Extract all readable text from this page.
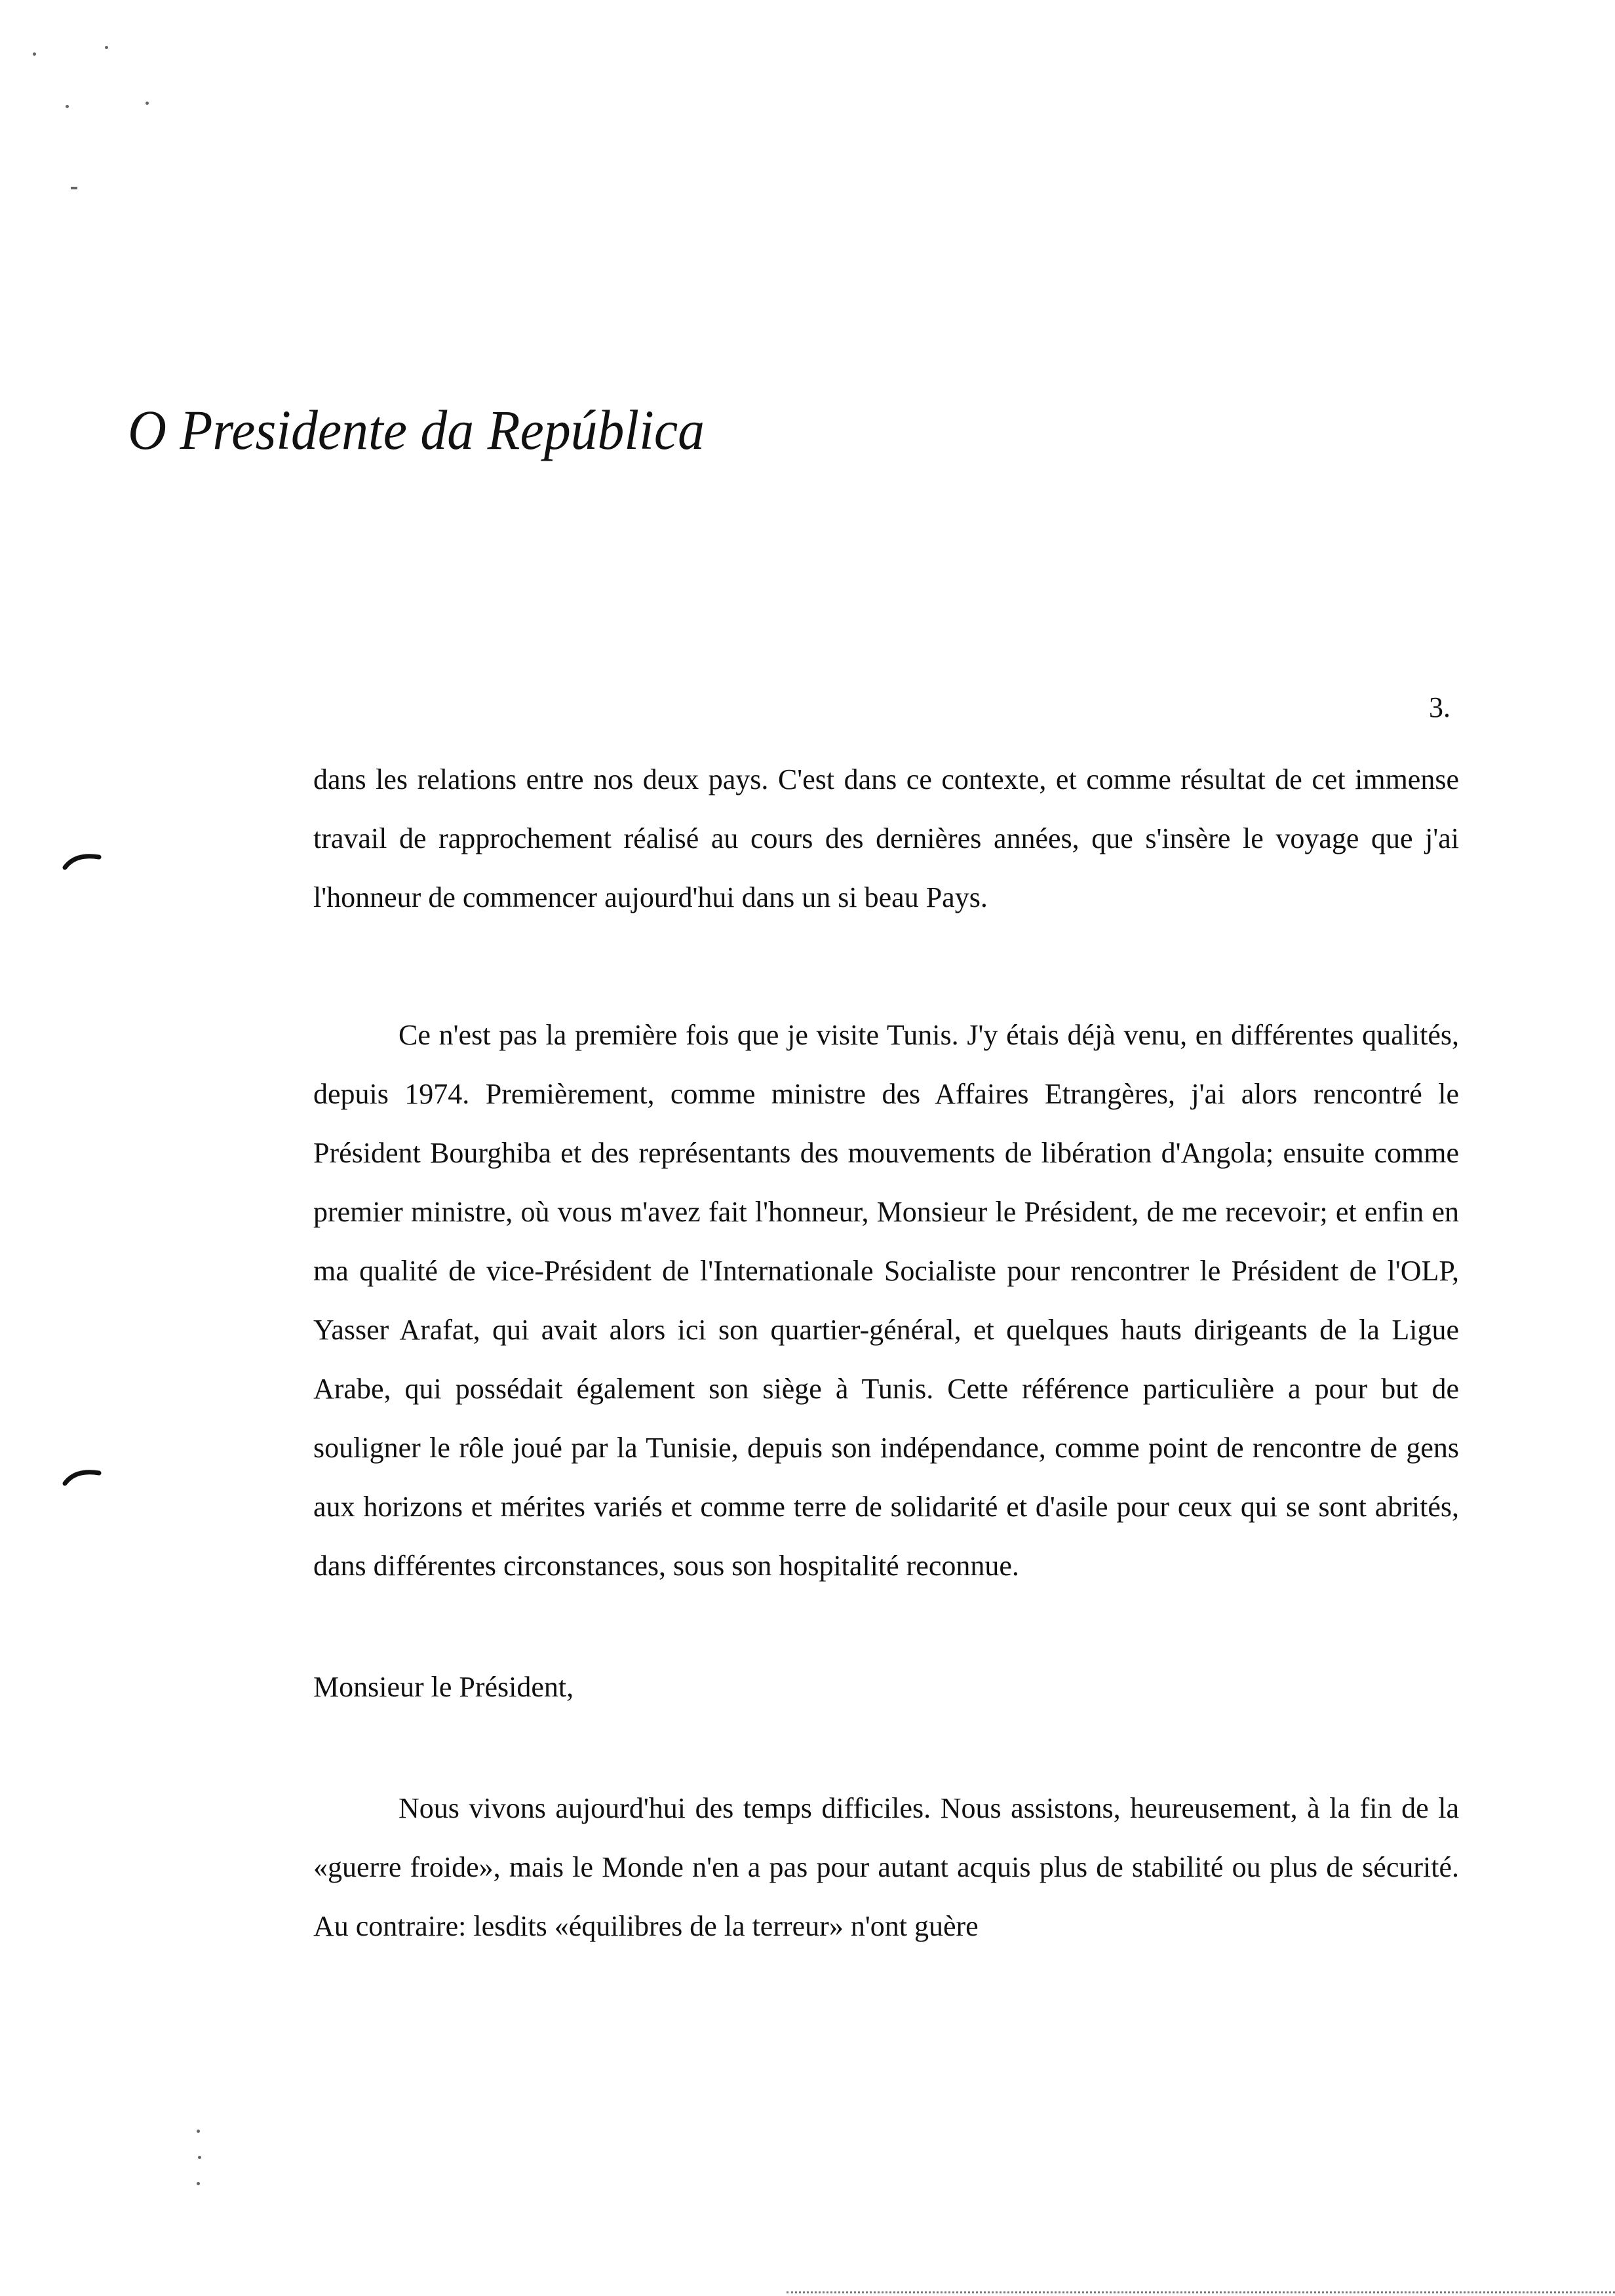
O Presidente da República
3.

dans les relations entre nos deux pays. C'est dans ce contexte, et comme résultat de cet immense travail de rapprochement réalisé au cours des dernières années, que s'insère le voyage que j'ai l'honneur de commencer aujourd'hui dans un si beau Pays.

Ce n'est pas la première fois que je visite Tunis. J'y étais déjà venu, en différentes qualités, depuis 1974. Premièrement, comme ministre des Affaires Etrangères, j'ai alors rencontré le Président Bourghiba et des représentants des mouvements de libération d'Angola; ensuite comme premier ministre, où vous m'avez fait l'honneur, Monsieur le Président, de me recevoir; et enfin en ma qualité de vice-Président de l'Internationale Socialiste pour rencontrer le Président de l'OLP, Yasser Arafat, qui avait alors ici son quartier-général, et quelques hauts dirigeants de la Ligue Arabe, qui possédait également son siège à Tunis. Cette référence particulière a pour but de souligner le rôle joué par la Tunisie, depuis son indépendance, comme point de rencontre de gens aux horizons et mérites variés et comme terre de solidarité et d'asile pour ceux qui se sont abrités, dans différentes circonstances, sous son hospitalité reconnue.

Monsieur le Président,

Nous vivons aujourd'hui des temps difficiles. Nous assistons, heureusement, à la fin de la «guerre froide», mais le Monde n'en a pas pour autant acquis plus de stabilité ou plus de sécurité. Au contraire: lesdits «équilibres de la terreur» n'ont guère
